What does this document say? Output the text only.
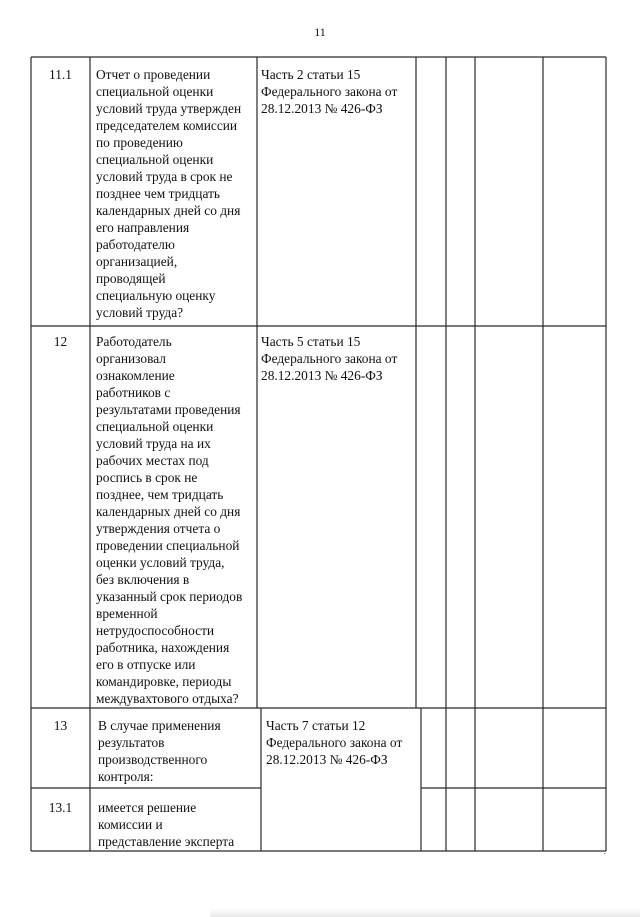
11
11.1	Отчет о проведении
специальной оценки
условий труда утвержден
председателем комиссии
по проведению
специальной оценки
условий труда в срок не
позднее чем тридцать
календарных дней со дня
его направления
работодателю
организацией,
проводящей
специальную оценку
условий труда?
Часть 2 статьи 15
Федерального закона от
28.12.2013 № 426-ФЗ
12	Работодатель
организовал
ознакомление
работников с
результатами проведения
специальной оценки
условий труда на их
рабочих местах под
роспись в срок не
позднее, чем тридцать
календарных дней со дня
утверждения отчета о
проведении специальной
оценки условий труда,
без включения в
указанный срок периодов
временной
нетрудоспособности
работника, нахождения
его в отпуске или
командировке, периоды
междувахтового отдыха?
Часть 5 статьи 15
Федерального закона от
28.12.2013 № 426-ФЗ
13	В случае применения
результатов
производственного
контроля:
Часть 7 статьи 12
Федерального закона от
28.12.2013 № 426-ФЗ
13.1	имеется решение
комиссии и
представление эксперта
˙
